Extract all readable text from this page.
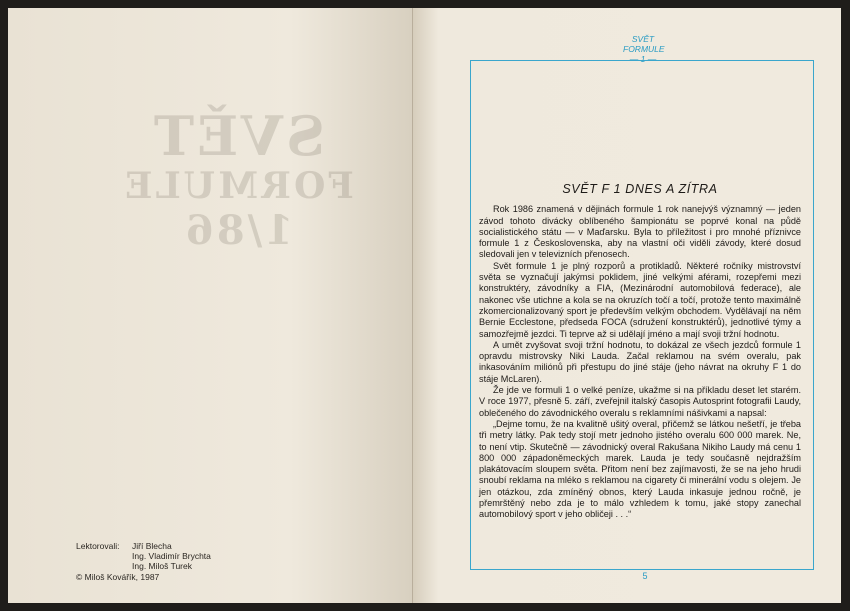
SVĚT
FORMULE
1/86
Lektorovali:	Jiří Blecha
Ing. Vladimír Brychta
Ing. Miloš Turek
© Miloš Kovářík, 1987
SVĚT
FORMULE
— 1 —
SVĚT F 1 DNES A ZÍTRA

Rok 1986 znamená v dějinách formule 1 rok nanejvýš významný — jeden závod tohoto divácky oblíbeného šampionátu se poprvé konal na půdě socialistického státu — v Maďarsku. Byla to příležitost i pro mnohé příznivce formule 1 z Československa, aby na vlastní oči viděli závody, které dosud sledovali jen v televizních přenosech.

Svět formule 1 je plný rozporů a protikladů. Některé ročníky mistrovství světa se vyznačují jakýmsi poklidem, jiné velkými aférami, rozepřemi mezi konstruktéry, závodníky a FIA, (Mezinárodní automobilová federace), ale nakonec vše utichne a kola se na okruzích točí a točí, protože tento maximálně zkomercionalizovaný sport je především velkým obchodem. Vydělávají na něm Bernie Ecclestone, předseda FOCA (sdružení konstruktérů), jednotlivé týmy a samozřejmě jezdci. Ti teprve až si udělají jméno a mají svoji tržní hodnotu.

A umět zvyšovat svoji tržní hodnotu, to dokázal ze všech jezdců formule 1 opravdu mistrovsky Niki Lauda. Začal reklamou na svém overalu, pak inkasováním miliónů při přestupu do jiné stáje (jeho návrat na okruhy F 1 do stáje McLaren).

Že jde ve formuli 1 o velké peníze, ukažme si na příkladu deset let starém. V roce 1977, přesně 5. září, zveřejnil italský časopis Autosprint fotografii Laudy, oblečeného do závodnického overalu s reklamními nášivkami a napsal:

„Dejme tomu, že na kvalitně ušitý overal, přičemž se látkou nešetří, je třeba tři metry látky. Pak tedy stojí metr jednoho jistého overalu 600 000 marek. Ne, to není vtip. Skutečně — závodnický overal Rakušana Nikiho Laudy má cenu 1 800 000 západoněmeckých marek. Lauda je tedy současně nejdražším plakátovacím sloupem světa. Přitom není bez zajímavosti, že se na jeho hrudi snoubí reklama na mléko s reklamou na cigarety či minerální vodu s olejem. Je jen otázkou, zda zmíněný obnos, který Lauda inkasuje jednou ročně, je přemrštěný nebo zda je to málo vzhledem k tomu, jaké stopy zanechal automobilový sport v jeho obličeji . . .“

5
